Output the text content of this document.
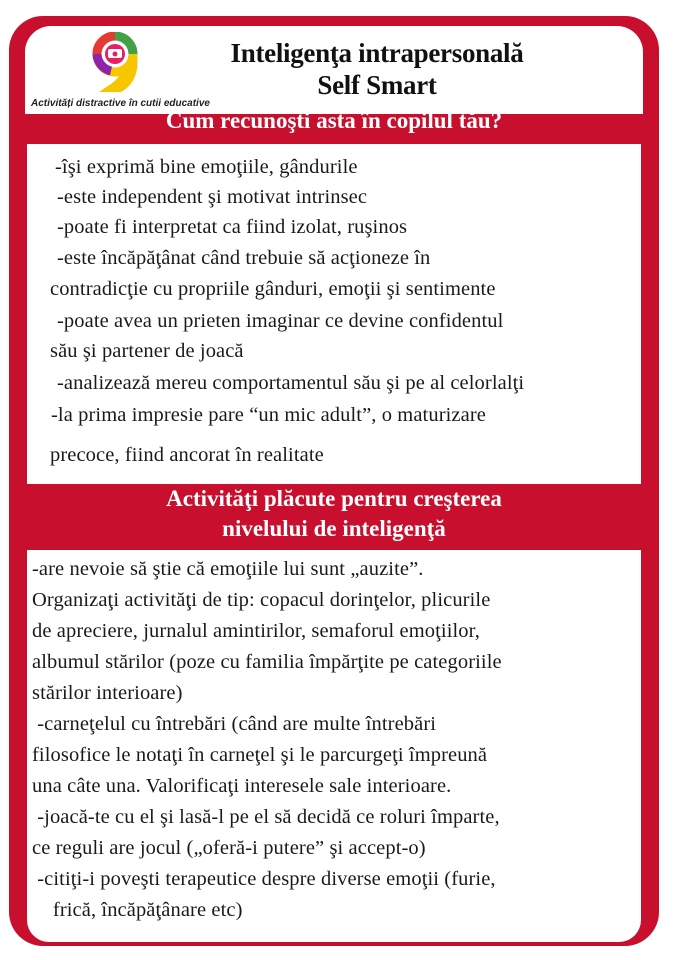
Activități distractive în cutii educative
Inteligenţa intrapersonală
Self Smart
Cum recunoşti asta în copilul tău?
-îşi exprimă bine emoţiile, gândurile
-este independent şi motivat intrinsec
-poate fi interpretat ca fiind izolat, ruşinos
-este încăpăţânat când trebuie să acţioneze în
contradicţie cu propriile gânduri, emoţii şi sentimente
-poate avea un prieten imaginar ce devine confidentul
său şi partener de joacă
-analizează mereu comportamentul său şi pe al celorlalţi
-la prima impresie pare “un mic adult”, o maturizare
precoce, fiind ancorat în realitate
Activităţi plăcute pentru creşterea
nivelului de inteligenţă
-are nevoie să ştie că emoţiile lui sunt „auzite”.
Organizaţi activităţi de tip: copacul dorinţelor, plicurile
de apreciere, jurnalul amintirilor, semaforul emoţiilor,
albumul stărilor (poze cu familia împărţite pe categoriile
stărilor interioare)
-carneţelul cu întrebări (când are multe întrebări
filosofice le notaţi în carneţel şi le parcurgeţi împreună
una câte una. Valorificaţi interesele sale interioare.
-joacă-te cu el şi lasă-l pe el să decidă ce roluri împarte,
ce reguli are jocul („oferă-i putere” şi accept-o)
-citiţi-i poveşti terapeutice despre diverse emoţii (furie,
frică, încăpăţânare etc)
